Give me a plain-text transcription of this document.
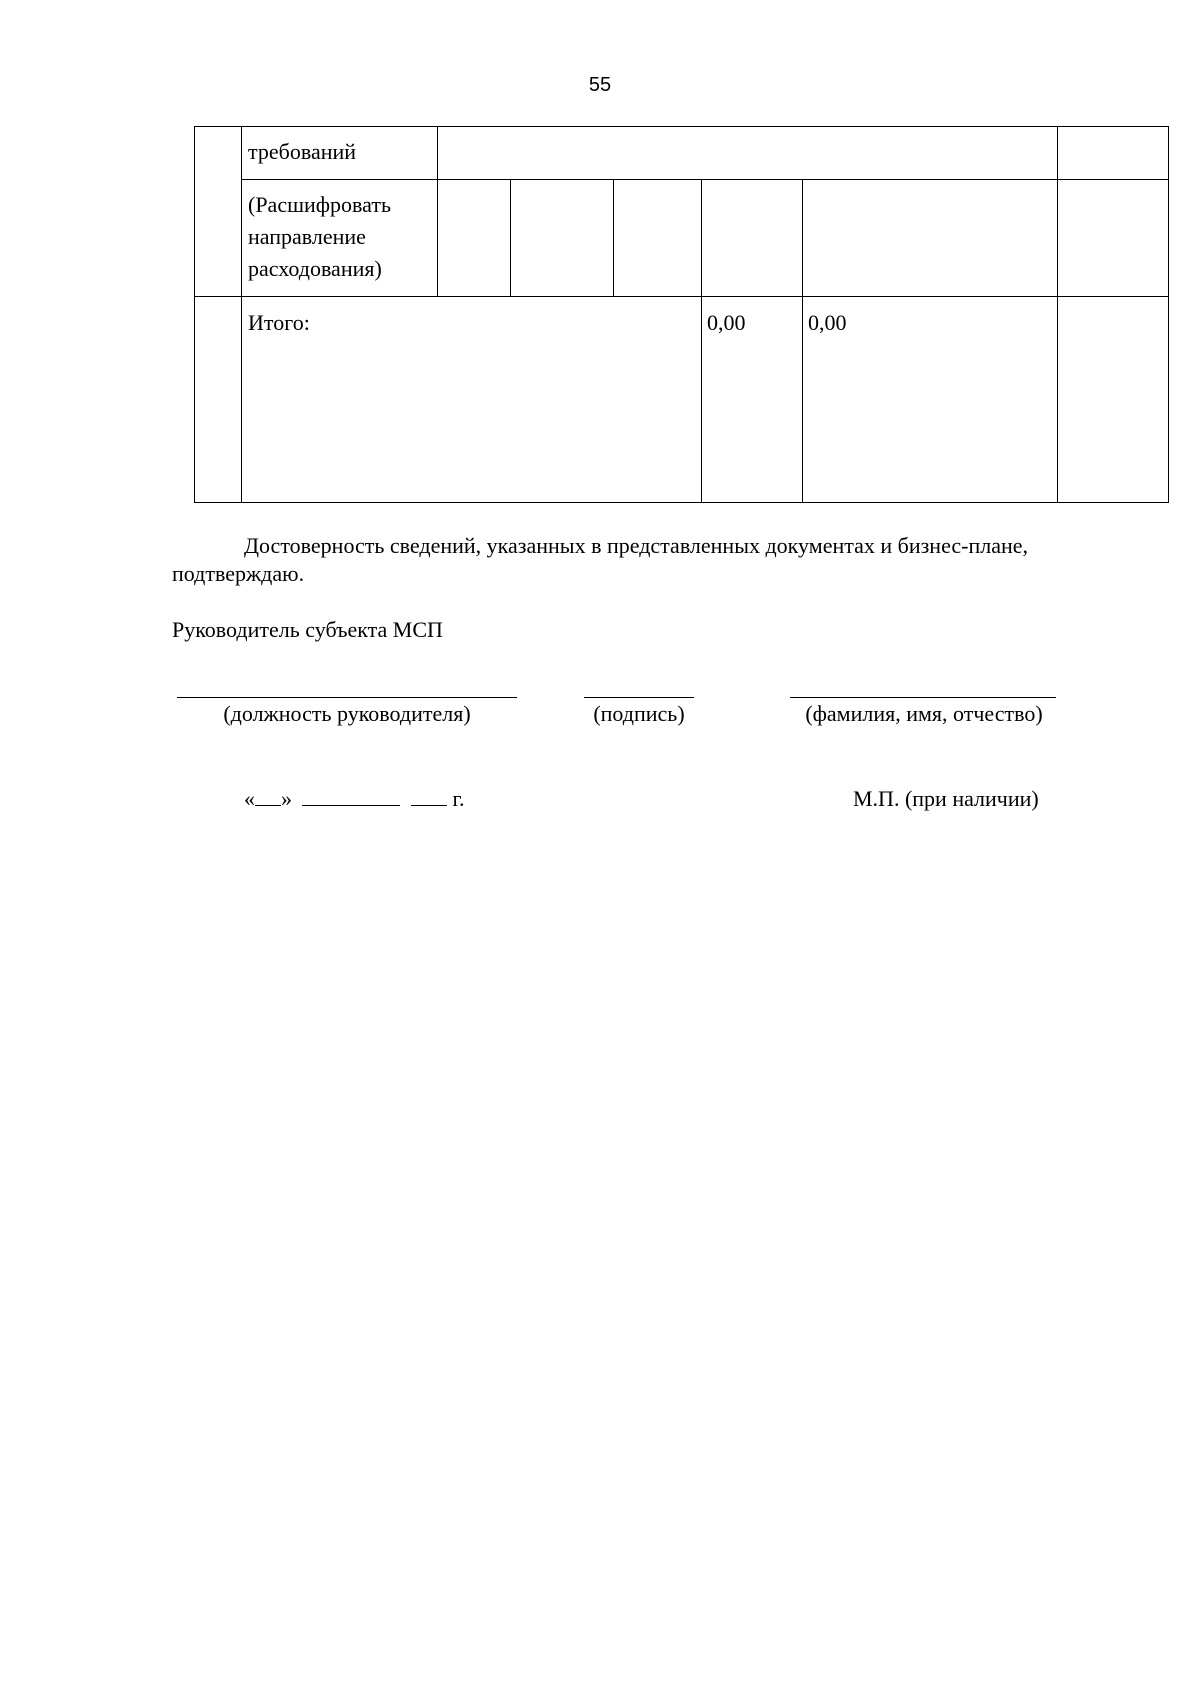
55
требований
(Расшифровать
направление
расходования)
Итого:	0,00	0,00
Достоверность сведений, указанных в представленных документах и бизнес-плане,
подтверждаю.
Руководитель субъекта МСП
(должность руководителя)	(подпись)	(фамилия, имя, отчество)
« »	г.	М.П. (при наличии)
